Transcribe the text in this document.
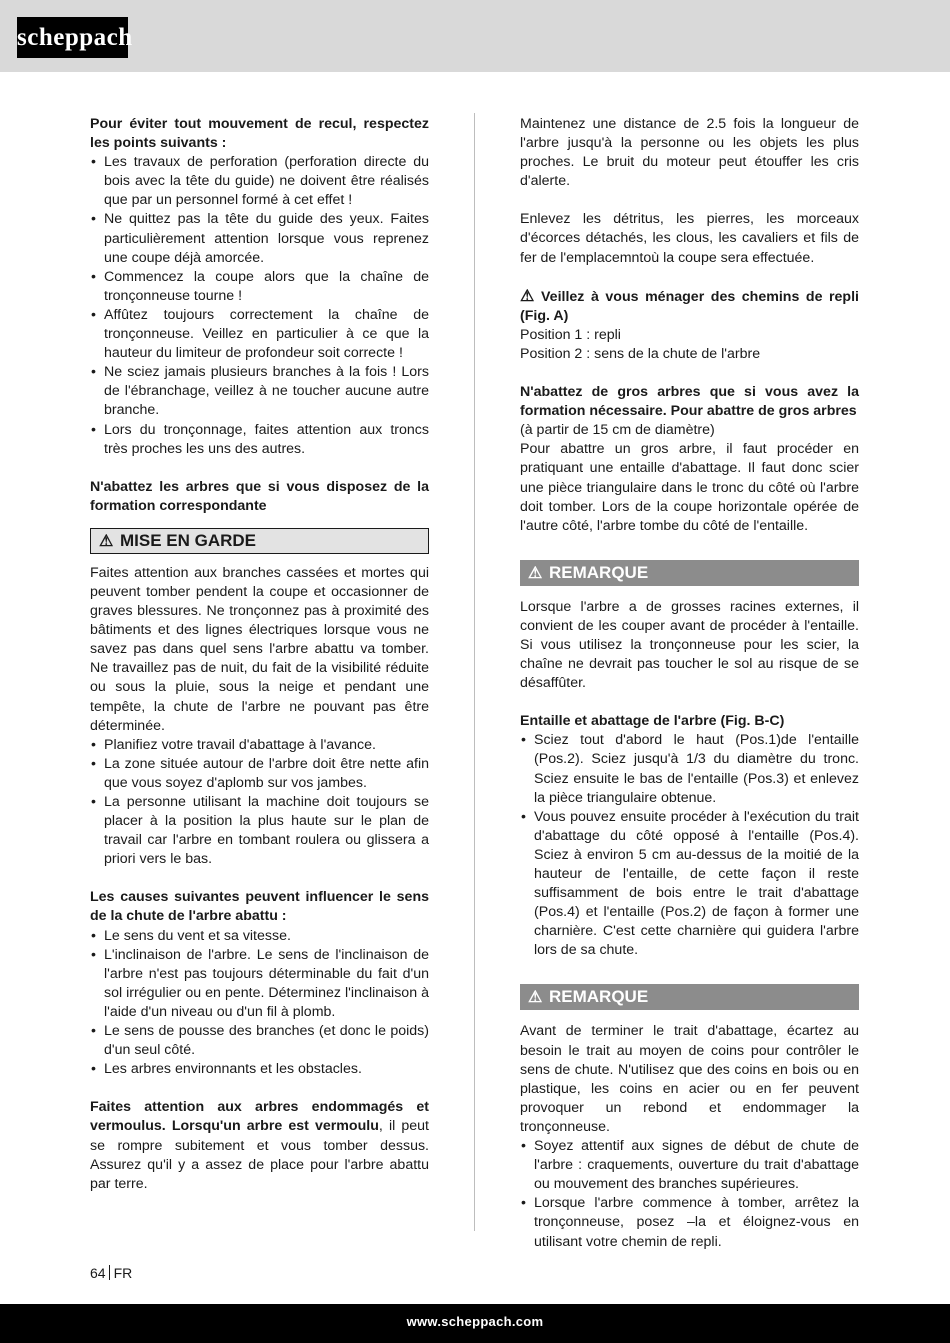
scheppach

Pour éviter tout mouvement de recul, respectez les points suivants :

• Les travaux de perforation (perforation directe du bois avec la tête du guide) ne doivent être réalisés que par un personnel formé à cet effet !
• Ne quittez pas la tête du guide des yeux. Faites particulièrement attention lorsque vous reprenez une coupe déjà amorcée.
• Commencez la coupe alors que la chaîne de tronçonneuse tourne !
• Affûtez toujours correctement la chaîne de tronçonneuse. Veillez en particulier à ce que la hauteur du limiteur de profondeur soit correcte !
• Ne sciez jamais plusieurs branches à la fois ! Lors de l'ébranchage, veillez à ne toucher aucune autre branche.
• Lors du tronçonnage, faites attention aux troncs très proches les uns des autres.

N'abattez les arbres que si vous disposez de la formation correspondante

⚠ MISE EN GARDE

Faites attention aux branches cassées et mortes qui peuvent tomber pendent la coupe et occasionner de graves blessures. Ne tronçonnez pas à proximité des bâtiments et des lignes électriques lorsque vous ne savez pas dans quel sens l'arbre abattu va tomber. Ne travaillez pas de nuit, du fait de la visibilité réduite ou sous la pluie, sous la neige et pendant une tempête, la chute de l'arbre ne pouvant pas être déterminée.

• Planifiez votre travail d'abattage à l'avance.
• La zone située autour de l'arbre doit être nette afin que vous soyez d'aplomb sur vos jambes.
• La personne utilisant la machine doit toujours se placer à la position la plus haute sur le plan de travail car l'arbre en tombant roulera ou glissera a priori vers le bas.

Les causes suivantes peuvent influencer le sens de la chute de l'arbre abattu :

• Le sens du vent et sa vitesse.
• L'inclinaison de l'arbre. Le sens de l'inclinaison de l'arbre n'est pas toujours déterminable du fait d'un sol irrégulier ou en pente. Déterminez l'inclinaison à l'aide d'un niveau ou d'un fil à plomb.
• Le sens de pousse des branches (et donc le poids) d'un seul côté.
• Les arbres environnants et les obstacles.

Faites attention aux arbres endommagés et vermoulus. Lorsqu'un arbre est vermoulu, il peut se rompre subitement et vous tomber dessus. Assurez qu'il y a assez de place pour l'arbre abattu par terre.

Maintenez une distance de 2.5 fois la longueur de l'arbre jusqu'à la personne ou les objets les plus proches. Le bruit du moteur peut étouffer les cris d'alerte.

Enlevez les détritus, les pierres, les morceaux d'écorces détachés, les clous, les cavaliers et fils de fer de l'emplacemntoù la coupe sera effectuée.

⚠ Veillez à vous ménager des chemins de repli (Fig. A)

Position 1 : repli

Position 2 : sens de la chute de l'arbre

N'abattez de gros arbres que si vous avez la formation nécessaire. Pour abattre de gros arbres

(à partir de 15 cm de diamètre)

Pour abattre un gros arbre, il faut procéder en pratiquant une entaille d'abattage. Il faut donc scier une pièce triangulaire dans le tronc du côté où l'arbre doit tomber. Lors de la coupe horizontale opérée de l'autre côté, l'arbre tombe du côté de l'entaille.

⚠ REMARQUE

Lorsque l'arbre a de grosses racines externes, il convient de les couper avant de procéder à l'entaille. Si vous utilisez la tronçonneuse pour les scier, la chaîne ne devrait pas toucher le sol au risque de se désaffûter.

Entaille et abattage de l'arbre (Fig. B-C)

• Sciez tout d'abord le haut (Pos.1)de l'entaille (Pos.2). Sciez jusqu'à 1/3 du diamètre du tronc. Sciez ensuite le bas de l'entaille (Pos.3) et enlevez la pièce triangulaire obtenue.
• Vous pouvez ensuite procéder à l'exécution du trait d'abattage du côté opposé à l'entaille (Pos.4). Sciez à environ 5 cm au-dessus de la moitié de la hauteur de l'entaille, de cette façon il reste suffisamment de bois entre le trait d'abattage (Pos.4) et l'entaille (Pos.2) de façon à former une charnière. C'est cette charnière qui guidera l'arbre lors de sa chute.
⚠ REMARQUE

Avant de terminer le trait d'abattage, écartez au besoin le trait au moyen de coins pour contrôler le sens de chute. N'utilisez que des coins en bois ou en plastique, les coins en acier ou en fer peuvent provoquer un rebond et endommager la tronçonneuse.

• Soyez attentif aux signes de début de chute de l'arbre : craquements, ouverture du trait d'abattage ou mouvement des branches supérieures.
• Lorsque l'arbre commence à tomber, arrêtez la tronçonneuse, posez –la et éloignez-vous en utilisant votre chemin de repli.
64 FR
www.scheppach.com
